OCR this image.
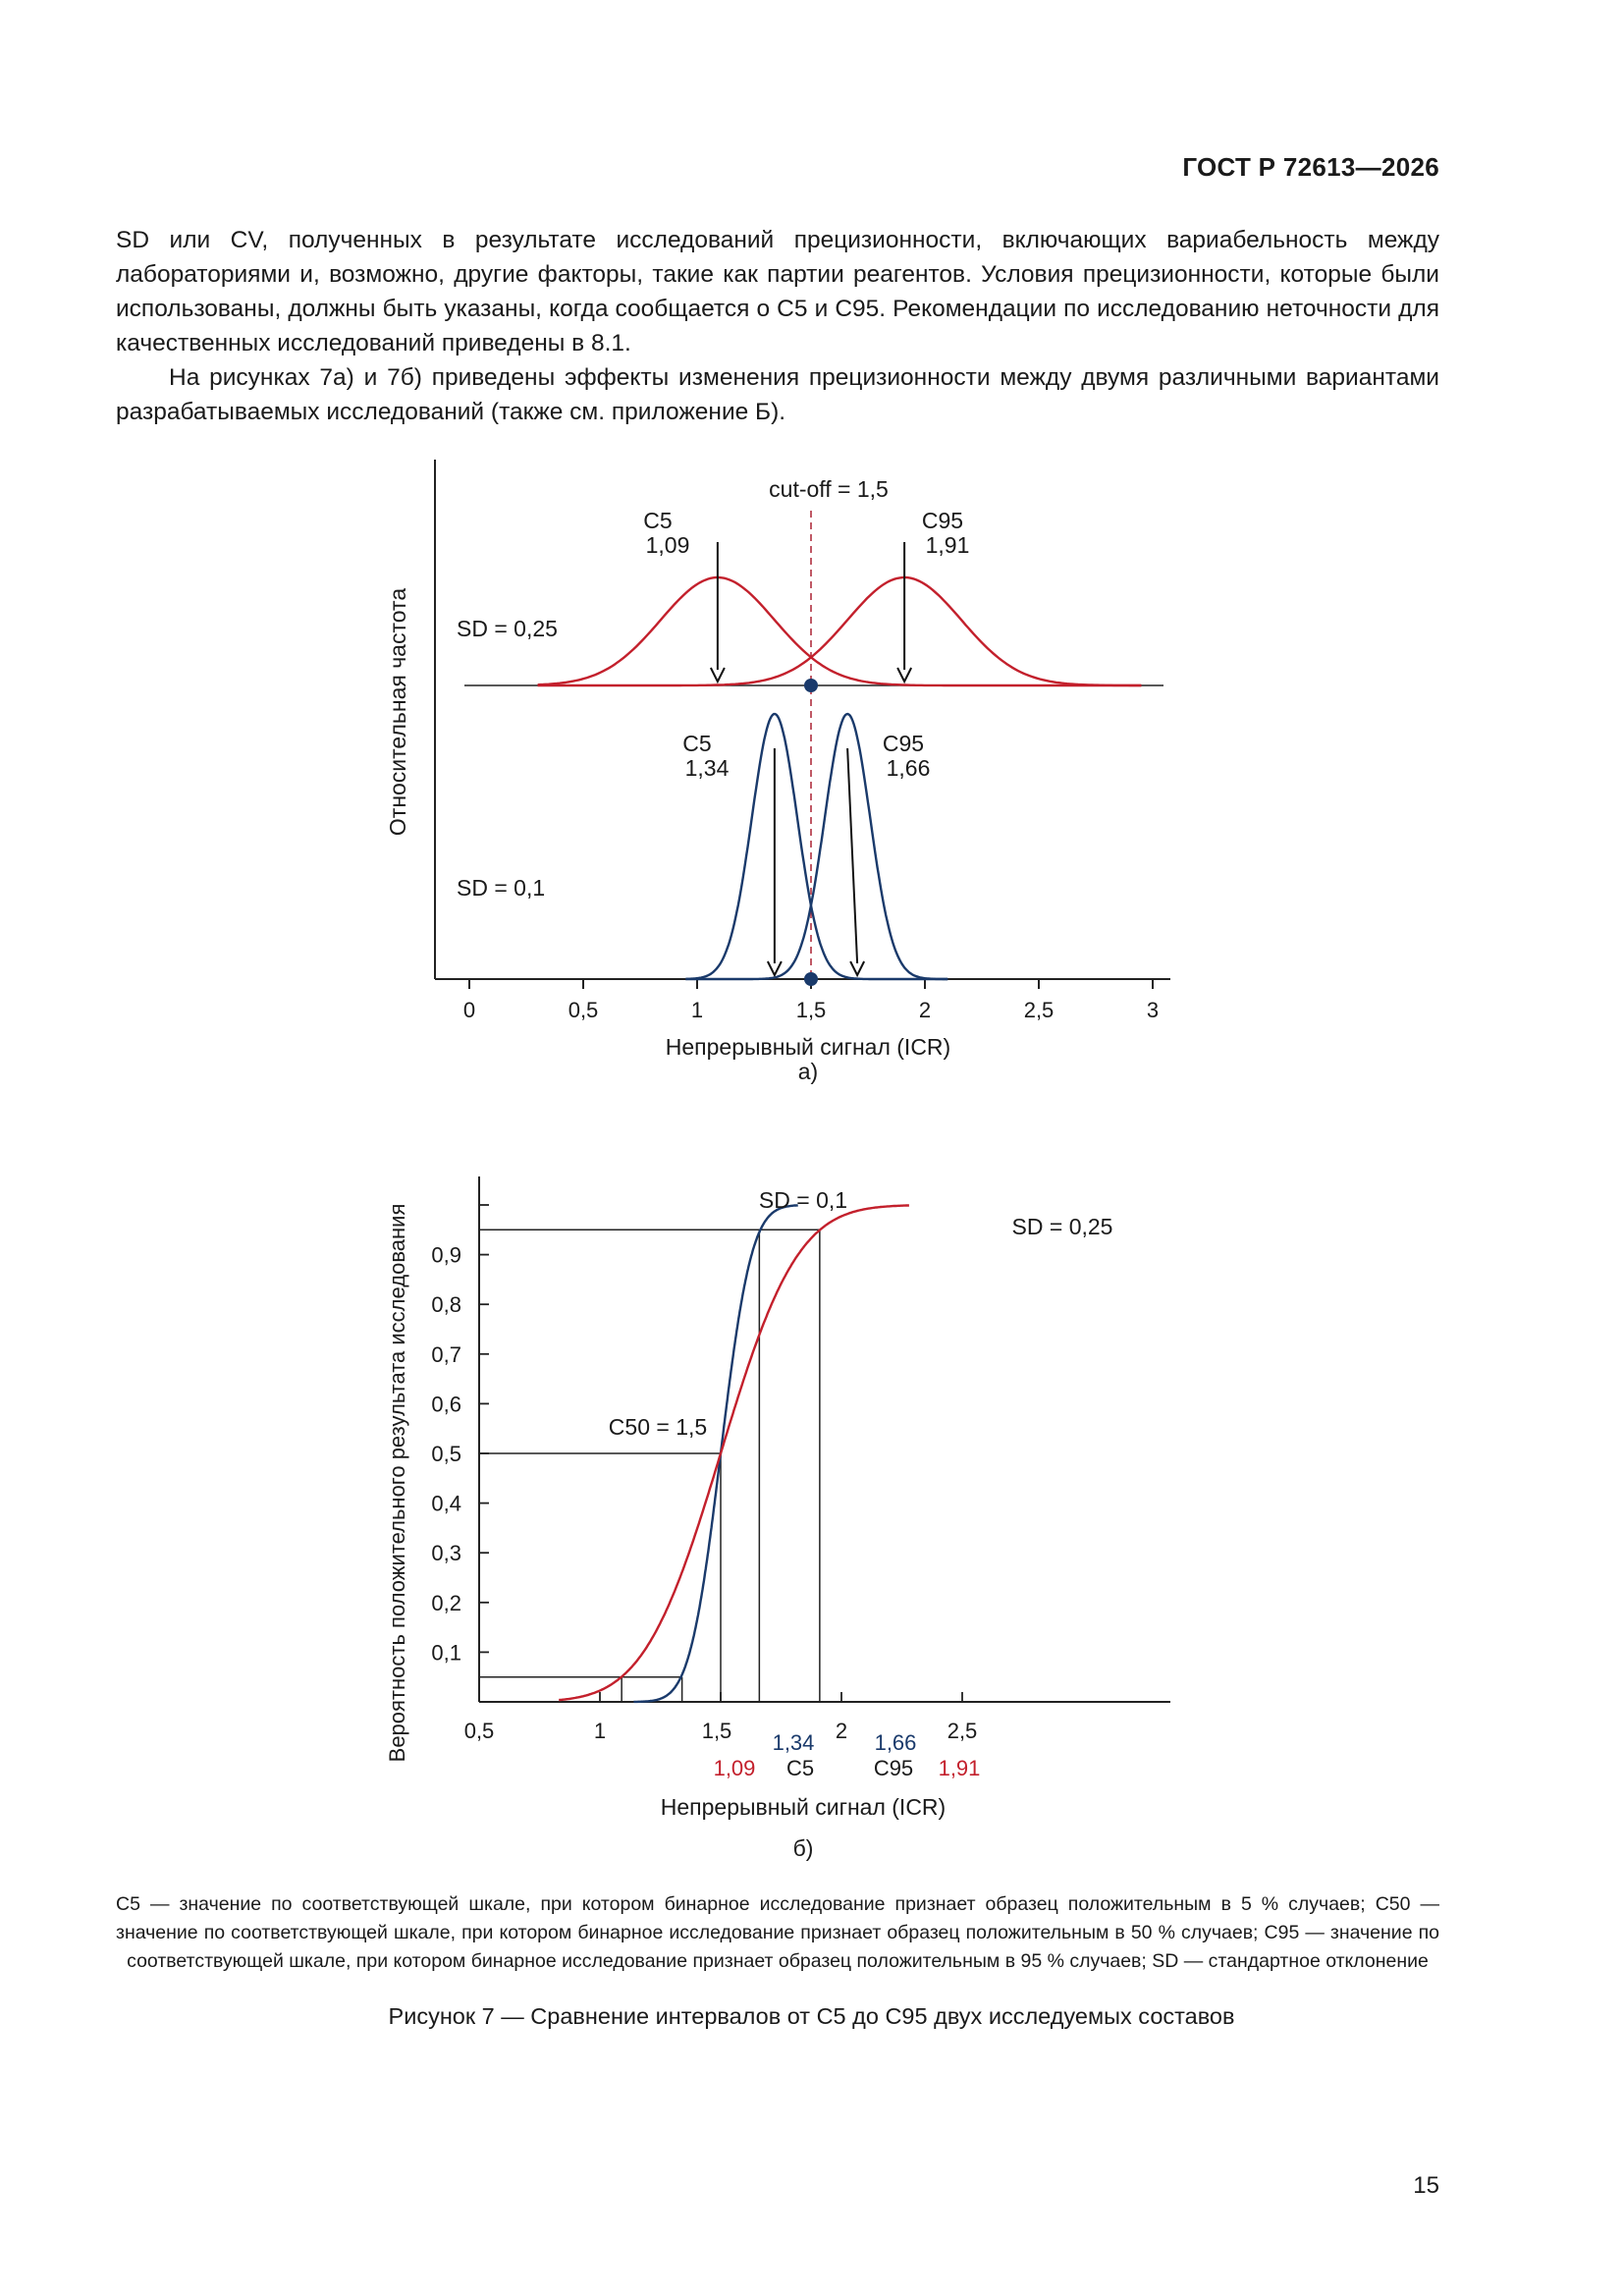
ГОСТ Р 72613—2026

SD или CV, полученных в результате исследований прецизионности, включающих вариабельность между лабораториями и, возможно, другие факторы, такие как партии реагентов. Условия прецизионности, которые были использованы, должны быть указаны, когда сообщается о C5 и C95. Рекомендации по исследованию неточности для качественных исследований приведены в 8.1.

На рисунках 7а) и 7б) приведены эффекты изменения прецизионности между двумя различными вариантами разрабатываемых исследований (также см. приложение Б).

0	0,5	1	1,5	2	2,5	3
Непрерывный сигнал (ICR)
Относительная частота
а)
cut-off = 1,5
C5
1,09
C95
1,91
SD = 0,25
C5
1,34
C95
1,66
SD = 0,1
0,1
0,2
0,3
0,4
0,5
0,6
0,7
0,8
0,9
0,5	1	1,5	2	2,5
SD = 0,1
SD = 0,25
C50 = 1,5
1,09
1,34
C5
1,66
C95 1,91
Непрерывный сигнал (ICR)
Вероятность положительного результата исследования
б)

C5 — значение по соответствующей шкале, при котором бинарное исследование признает образец положительным в 5 % случаев; C50 — значение по соответствующей шкале, при котором бинарное исследование признает образец положительным в 50 % случаев; C95 — значение по соответствующей шкале, при котором бинарное исследование признает образец положительным в 95 % случаев; SD — стандартное отклонение

Рисунок 7 — Сравнение интервалов от C5 до C95 двух исследуемых составов
15
